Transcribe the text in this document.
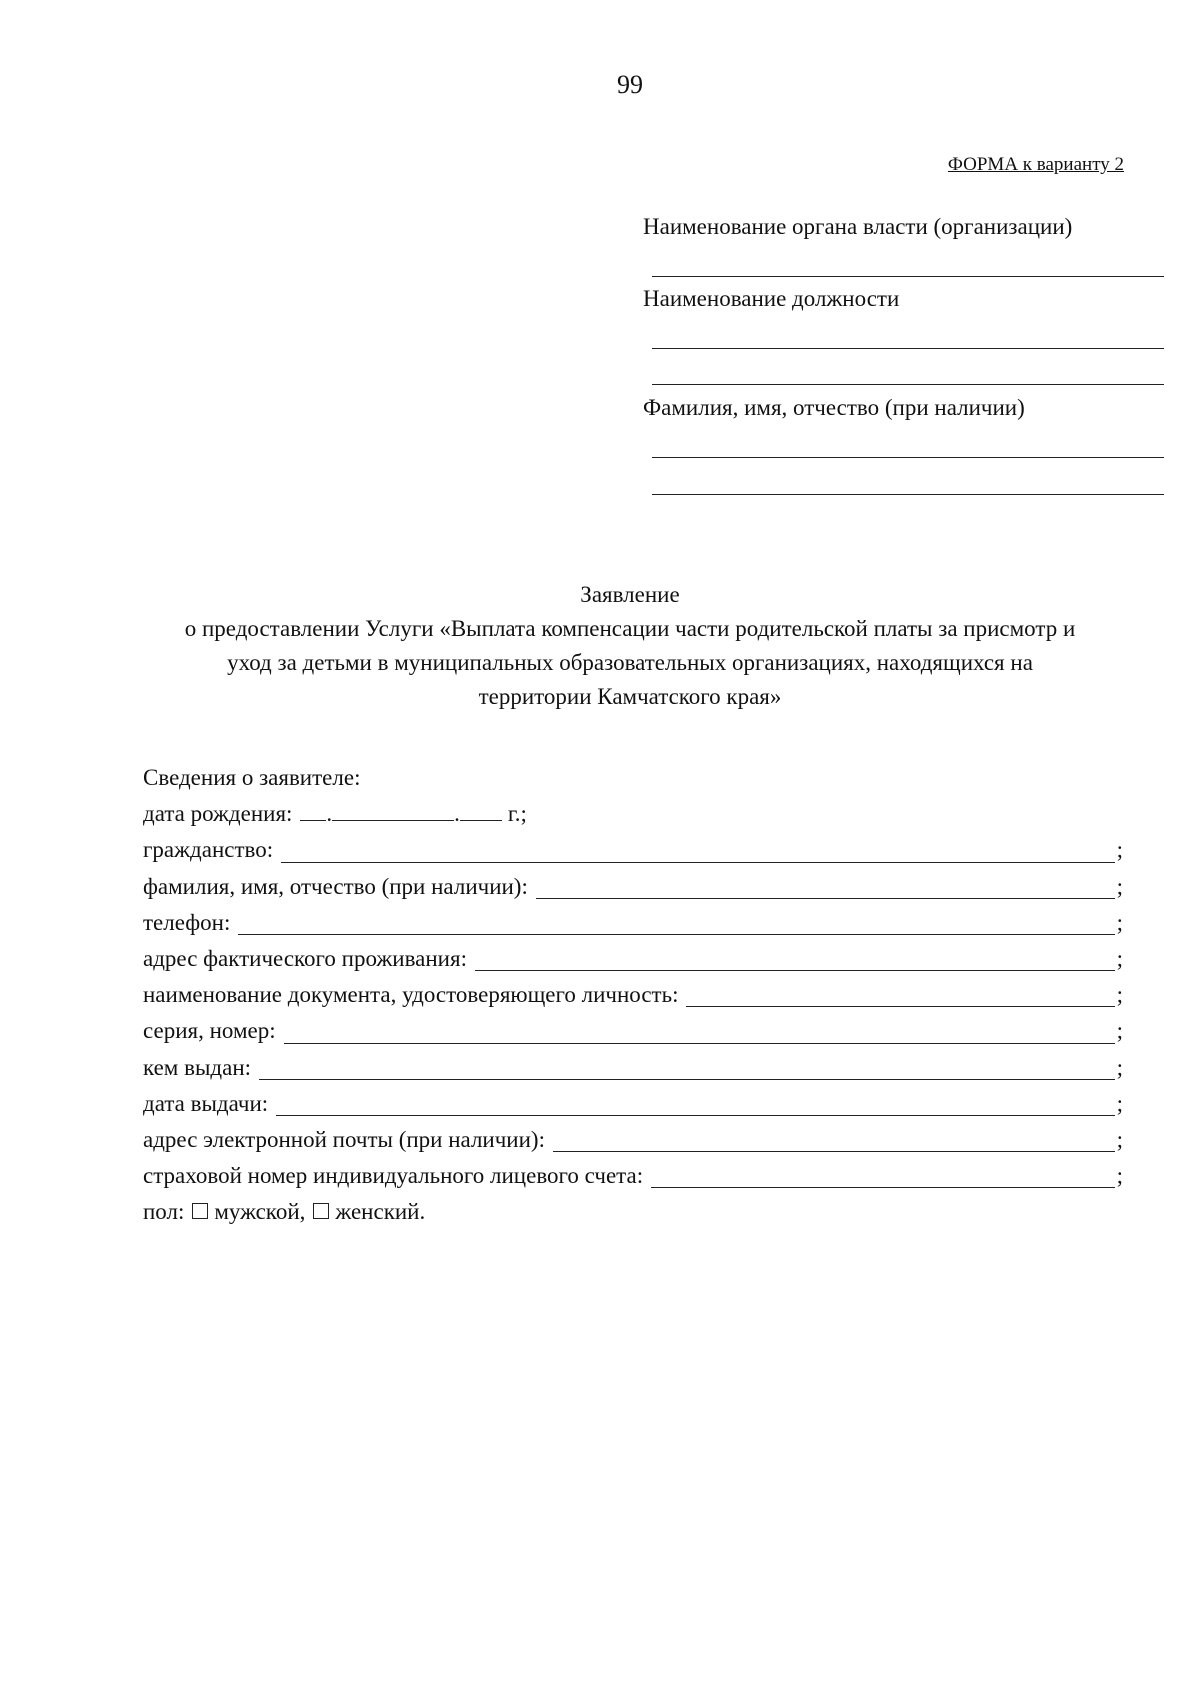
99
ФОРМА к варианту 2
Наименование органа власти (организации)
Наименование должности
Фамилия, имя, отчество (при наличии)
Заявление
о предоставлении Услуги «Выплата компенсации части родительской платы за присмотр и
уход за детьми в муниципальных образовательных организациях, находящихся на
территории Камчатского края»
Сведения о заявителе:
дата рождения:	.	.	г.;
гражданство:	;
фамилия, имя, отчество (при наличии):	;
телефон:	;
адрес фактического проживания:	;
наименование документа, удостоверяющего личность:	;
серия, номер:	;
кем выдан:	;
дата выдачи:	;
адрес электронной почты (при наличии):	;
страховой номер индивидуального лицевого счета:	;
пол: мужской, женский.
